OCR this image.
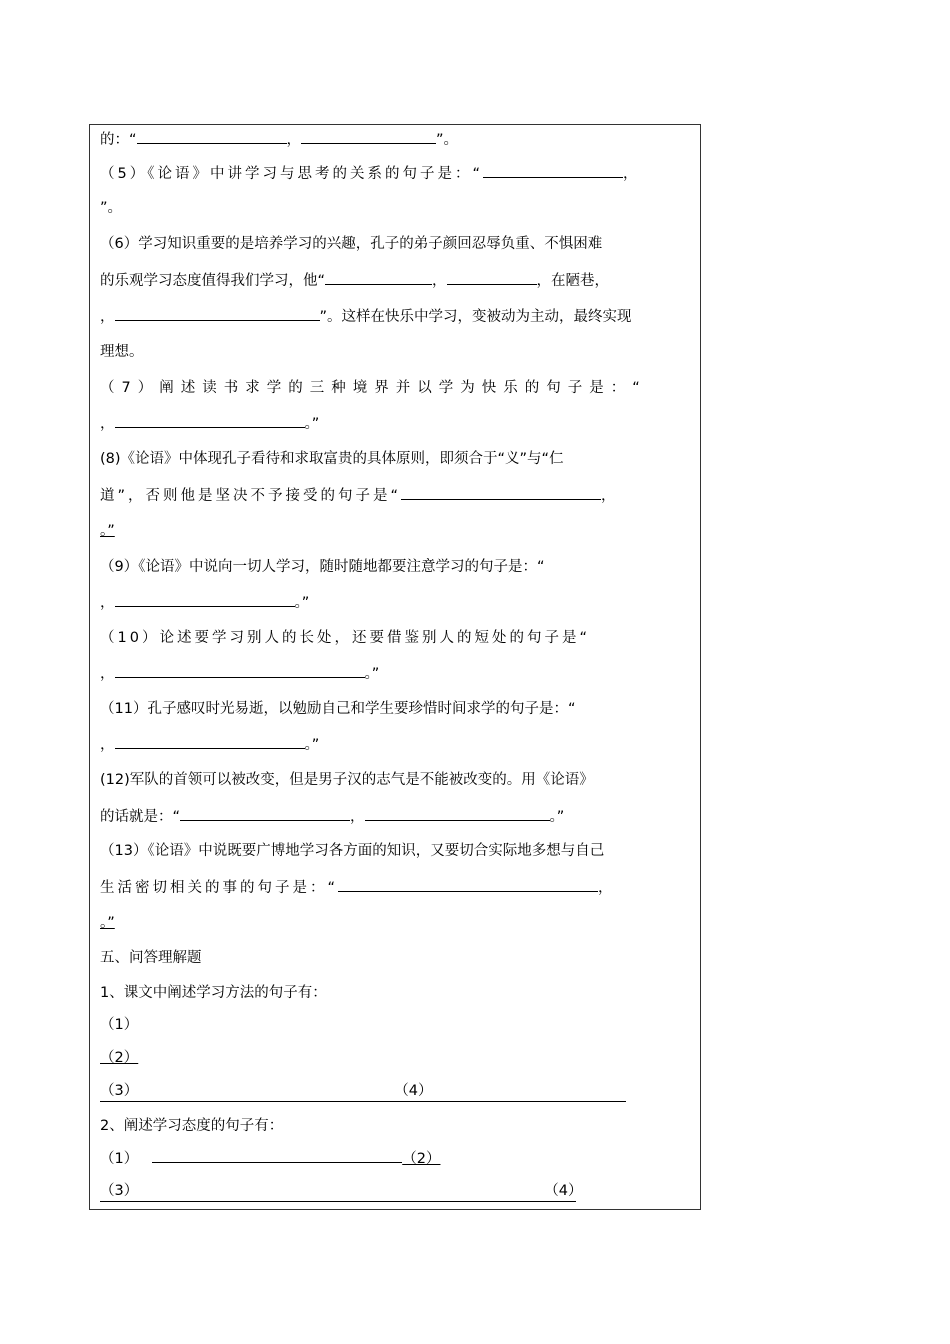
的：“	，	”。
（5）《论语》中讲学习与思考的关系的句子是：“	，
”。
（6）学习知识重要的是培养学习的兴趣，孔子的弟子颜回忍辱负重、不惧困难
的乐观学习态度值得我们学习，他“	，	，在陋巷，
，	”。这样在快乐中学习，变被动为主动，最终实现
理想。
（7）阐述读书求学的三种境界并以学为快乐的句子是：“
，	。”
(8)《论语》中体现孔子看待和求取富贵的具体原则，即须合于“义”与“仁
道”，否则他是坚决不予接受的句子是“	，
。”
（9）《论语》中说向一切人学习，随时随地都要注意学习的句子是：“
，	。”
（10）论述要学习别人的长处，还要借鉴别人的短处的句子是“
，	。”
（11）孔子感叹时光易逝，以勉励自己和学生要珍惜时间求学的句子是：“
，	。”
(12)军队的首领可以被改变，但是男子汉的志气是不能被改变的。用《论语》
的话就是：“	，	。”
（13）《论语》中说既要广博地学习各方面的知识，又要切合实际地多想与自己
生活密切相关的事的句子是：“	，
。”
五、问答理解题
1、课文中阐述学习方法的句子有：
（1）
（2）
（3）	（4）
2、阐述学习态度的句子有：
（1）	（2）
（3）	（4）
